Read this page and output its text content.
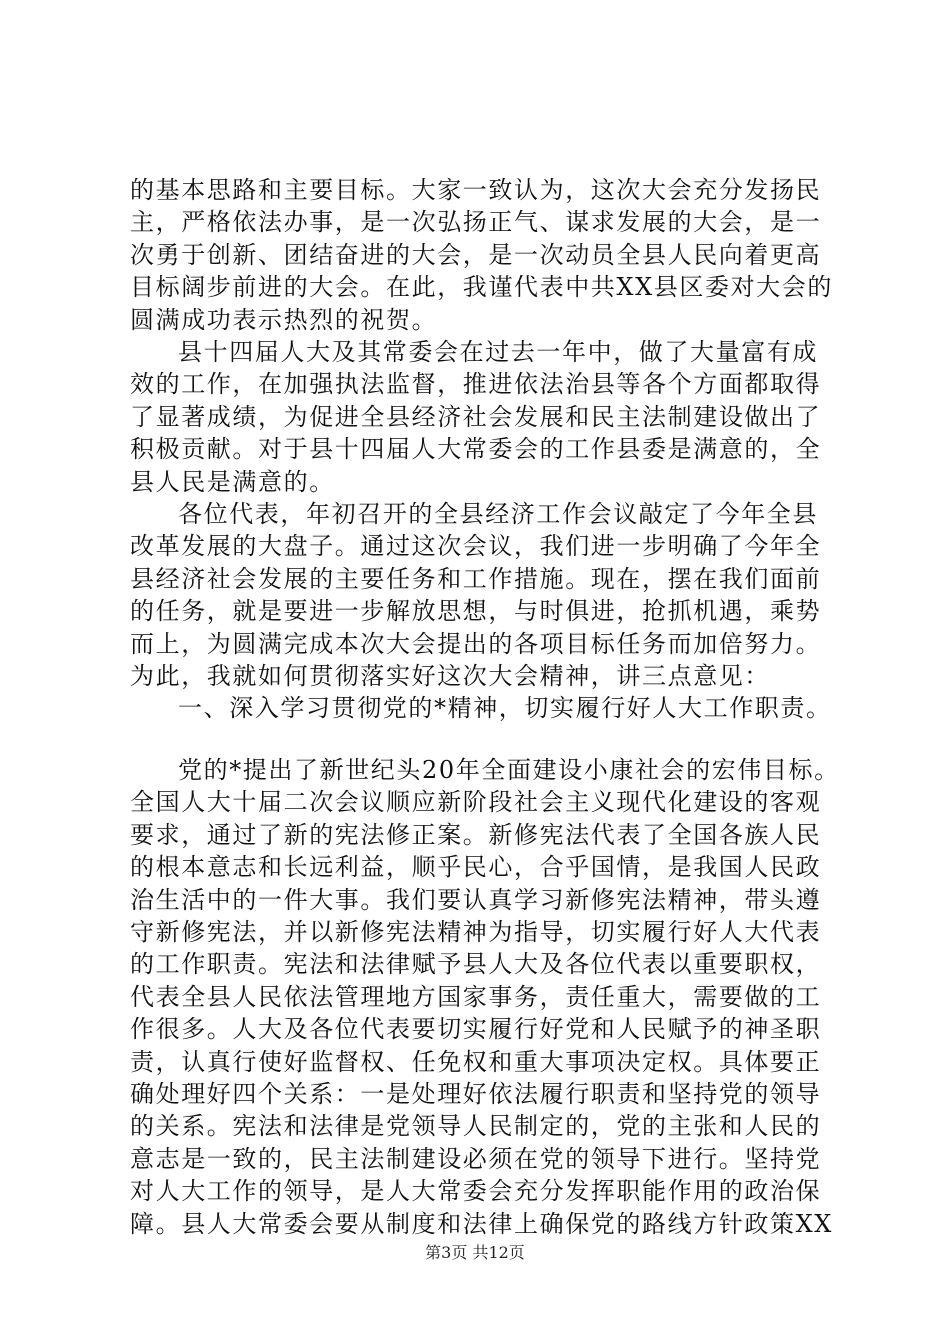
的基本思路和主要目标。大家一致认为，这次大会充分发扬民
主，严格依法办事，是一次弘扬正气、谋求发展的大会，是一
次勇于创新、团结奋进的大会，是一次动员全县人民向着更高
目标阔步前进的大会。在此，我谨代表中共XX县区委对大会的
圆满成功表示热烈的祝贺。
县十四届人大及其常委会在过去一年中，做了大量富有成
效的工作，在加强执法监督，推进依法治县等各个方面都取得
了显著成绩，为促进全县经济社会发展和民主法制建设做出了
积极贡献。对于县十四届人大常委会的工作县委是满意的，全
县人民是满意的。
各位代表，年初召开的全县经济工作会议敲定了今年全县
改革发展的大盘子。通过这次会议，我们进一步明确了今年全
县经济社会发展的主要任务和工作措施。现在，摆在我们面前
的任务，就是要进一步解放思想，与时俱进，抢抓机遇，乘势
而上，为圆满完成本次大会提出的各项目标任务而加倍努力。
为此，我就如何贯彻落实好这次大会精神，讲三点意见：
一、深入学习贯彻党的*精神，切实履行好人大工作职责。
党的*提出了新世纪头20年全面建设小康社会的宏伟目标。
全国人大十届二次会议顺应新阶段社会主义现代化建设的客观
要求，通过了新的宪法修正案。新修宪法代表了全国各族人民
的根本意志和长远利益，顺乎民心，合乎国情，是我国人民政
治生活中的一件大事。我们要认真学习新修宪法精神，带头遵
守新修宪法，并以新修宪法精神为指导，切实履行好人大代表
的工作职责。宪法和法律赋予县人大及各位代表以重要职权，
代表全县人民依法管理地方国家事务，责任重大，需要做的工
作很多。人大及各位代表要切实履行好党和人民赋予的神圣职
责，认真行使好监督权、任免权和重大事项决定权。具体要正
确处理好四个关系：一是处理好依法履行职责和坚持党的领导
的关系。宪法和法律是党领导人民制定的，党的主张和人民的
意志是一致的，民主法制建设必须在党的领导下进行。坚持党
对人大工作的领导，是人大常委会充分发挥职能作用的政治保
障。县人大常委会要从制度和法律上确保党的路线方针政策XX
第3页 共12页
